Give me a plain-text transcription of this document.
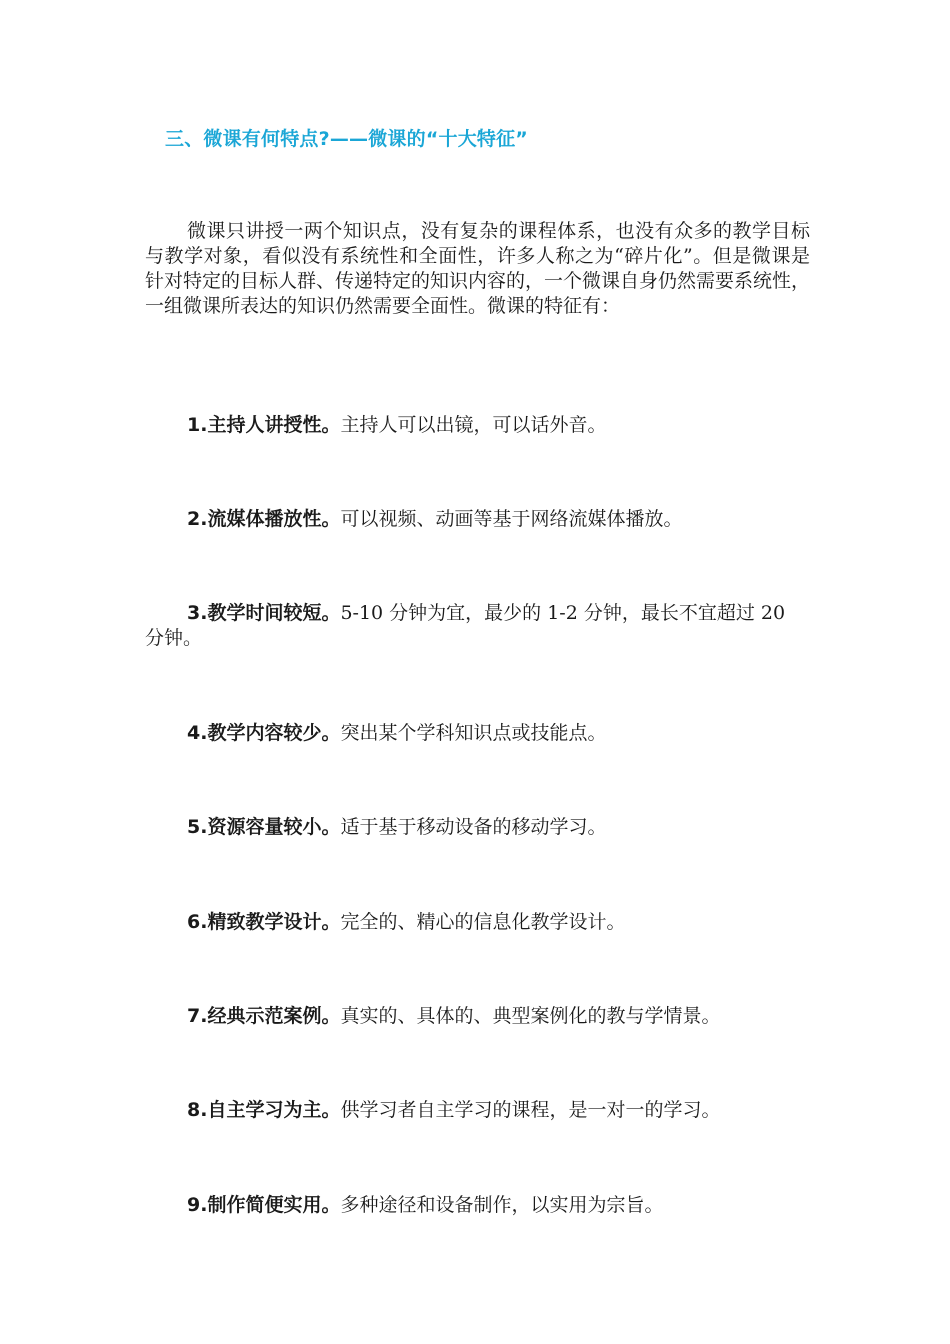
三、微课有何特点?——微课的“十大特征”

微课只讲授一两个知识点，没有复杂的课程体系，也没有众多的教学目标与教学对象，看似没有系统性和全面性，许多人称之为“碎片化”。但是微课是针对特定的目标人群、传递特定的知识内容的，一个微课自身仍然需要系统性，一组微课所表达的知识仍然需要全面性。微课的特征有：

1.主持人讲授性。主持人可以出镜，可以话外音。

2.流媒体播放性。可以视频、动画等基于网络流媒体播放。

3.教学时间较短。5-10 分钟为宜，最少的 1-2 分钟，最长不宜超过 20 分钟。

4.教学内容较少。突出某个学科知识点或技能点。

5.资源容量较小。适于基于移动设备的移动学习。

6.精致教学设计。完全的、精心的信息化教学设计。

7.经典示范案例。真实的、具体的、典型案例化的教与学情景。

8.自主学习为主。供学习者自主学习的课程，是一对一的学习。

9.制作简便实用。多种途径和设备制作，以实用为宗旨。
